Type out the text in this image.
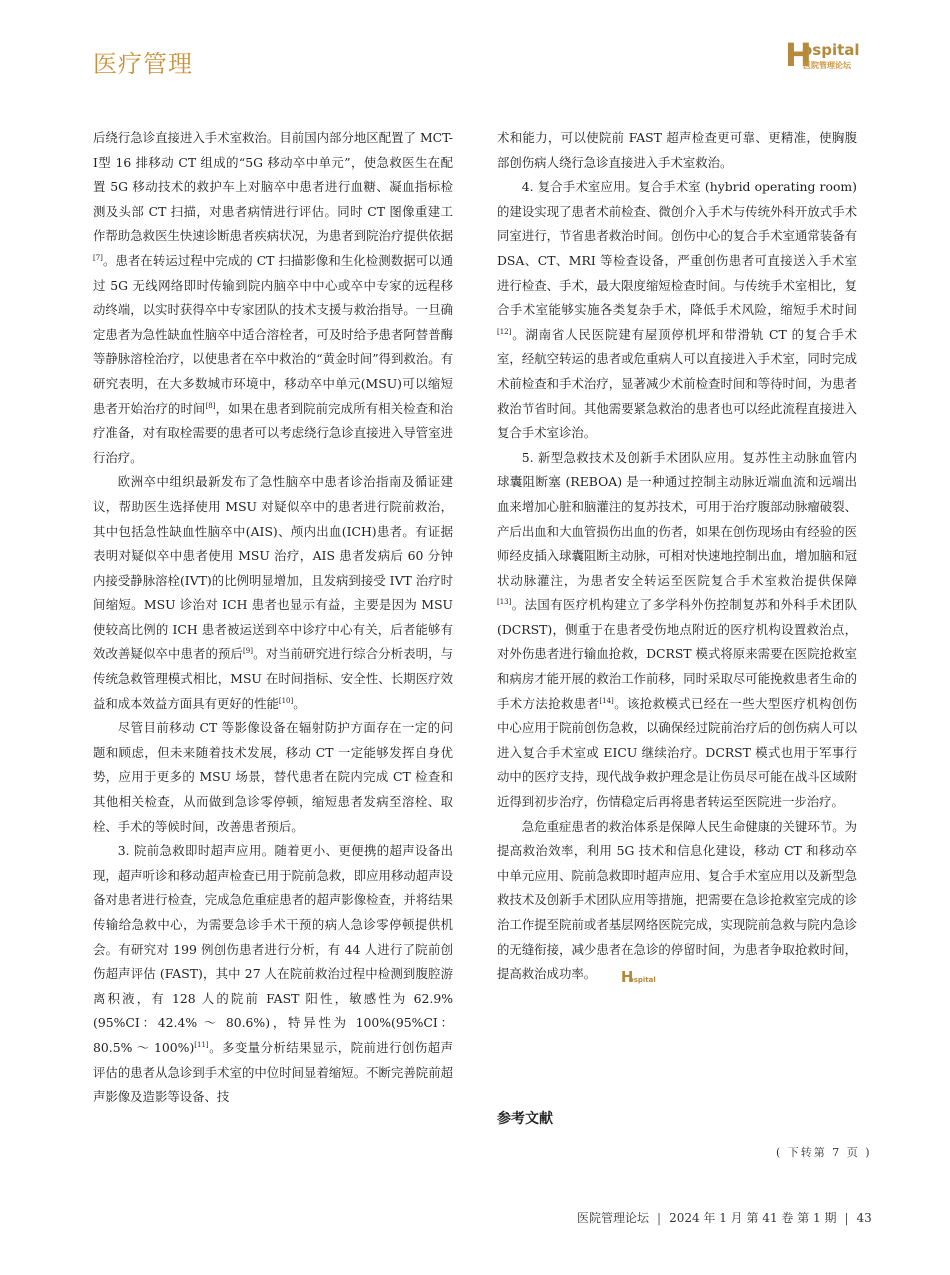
医疗管理	H
ospital
医院管理论坛

后绕行急诊直接进入手术室救治。目前国内部分地区配置了 MCT-Ⅰ型 16 排移动 CT 组成的“5G 移动卒中单元”，使急救医生在配置 5G 移动技术的救护车上对脑卒中患者进行血糖、凝血指标检测及头部 CT 扫描，对患者病情进行评估。同时 CT 图像重建工作帮助急救医生快速诊断患者疾病状况，为患者到院治疗提供依据[7]。患者在转运过程中完成的 CT 扫描影像和生化检测数据可以通过 5G 无线网络即时传输到院内脑卒中中心或卒中专家的远程移动终端，以实时获得卒中专家团队的技术支援与救治指导。一旦确定患者为急性缺血性脑卒中适合溶栓者，可及时给予患者阿替普酶等静脉溶栓治疗，以使患者在卒中救治的“黄金时间”得到救治。有研究表明，在大多数城市环境中，移动卒中单元(MSU)可以缩短患者开始治疗的时间[8]，如果在患者到院前完成所有相关检查和治疗准备，对有取栓需要的患者可以考虑绕行急诊直接进入导管室进行治疗。

欧洲卒中组织最新发布了急性脑卒中患者诊治指南及循证建议，帮助医生选择使用 MSU 对疑似卒中的患者进行院前救治，其中包括急性缺血性脑卒中(AIS)、颅内出血(ICH)患者。有证据表明对疑似卒中患者使用 MSU 治疗，AIS 患者发病后 60 分钟内接受静脉溶栓(IVT)的比例明显增加，且发病到接受 IVT 治疗时间缩短。MSU 诊治对 ICH 患者也显示有益，主要是因为 MSU 使较高比例的 ICH 患者被运送到卒中诊疗中心有关，后者能够有效改善疑似卒中患者的预后[9]。对当前研究进行综合分析表明，与传统急救管理模式相比，MSU 在时间指标、安全性、长期医疗效益和成本效益方面具有更好的性能[10]。

尽管目前移动 CT 等影像设备在辐射防护方面存在一定的问题和顾虑，但未来随着技术发展，移动 CT 一定能够发挥自身优势，应用于更多的 MSU 场景，替代患者在院内完成 CT 检查和其他相关检查，从而做到急诊零停顿，缩短患者发病至溶栓、取栓、手术的等候时间，改善患者预后。

3. 院前急救即时超声应用。随着更小、更便携的超声设备出现，超声听诊和移动超声检查已用于院前急救，即应用移动超声设备对患者进行检查，完成急危重症患者的超声影像检查，并将结果传输给急救中心，为需要急诊手术干预的病人急诊零停顿提供机会。有研究对 199 例创伤患者进行分析，有 44 人进行了院前创伤超声评估 (FAST)，其中 27 人在院前救治过程中检测到腹腔游离积液，有 128 人的院前 FAST 阳性，敏感性为 62.9%(95%CI：42.4% ～ 80.6%)，特异性为 100%(95%CI：80.5% ～ 100%)[11]。多变量分析结果显示，院前进行创伤超声评估的患者从急诊到手术室的中位时间显着缩短。不断完善院前超声影像及造影等设备、技

术和能力，可以使院前 FAST 超声检查更可靠、更精准，使胸腹部创伤病人绕行急诊直接进入手术室救治。

4. 复合手术室应用。复合手术室 (hybrid operating room) 的建设实现了患者术前检查、微创介入手术与传统外科开放式手术同室进行，节省患者救治时间。创伤中心的复合手术室通常装备有 DSA、CT、MRI 等检查设备，严重创伤患者可直接送入手术室进行检查、手术，最大限度缩短检查时间。与传统手术室相比，复合手术室能够实施各类复杂手术，降低手术风险，缩短手术时间[12]。湖南省人民医院建有屋顶停机坪和带滑轨 CT 的复合手术室，经航空转运的患者或危重病人可以直接进入手术室，同时完成术前检查和手术治疗，显著减少术前检查时间和等待时间，为患者救治节省时间。其他需要紧急救治的患者也可以经此流程直接进入复合手术室诊治。

5. 新型急救技术及创新手术团队应用。复苏性主动脉血管内球囊阻断塞 (REBOA) 是一种通过控制主动脉近端血流和远端出血来增加心脏和脑灌注的复苏技术，可用于治疗腹部动脉瘤破裂、产后出血和大血管损伤出血的伤者，如果在创伤现场由有经验的医师经皮插入球囊阻断主动脉，可相对快速地控制出血，增加脑和冠状动脉灌注，为患者安全转运至医院复合手术室救治提供保障[13]。法国有医疗机构建立了多学科外伤控制复苏和外科手术团队 (DCRST)，侧重于在患者受伤地点附近的医疗机构设置救治点，对外伤患者进行输血抢救，DCRST 模式将原来需要在医院抢救室和病房才能开展的救治工作前移，同时采取尽可能挽救患者生命的手术方法抢救患者[14]。该抢救模式已经在一些大型医疗机构创伤中心应用于院前创伤急救，以确保经过院前治疗后的创伤病人可以进入复合手术室或 EICU 继续治疗。DCRST 模式也用于军事行动中的医疗支持，现代战争救护理念是让伤员尽可能在战斗区域附近得到初步治疗，伤情稳定后再将患者转运至医院进一步治疗。

急危重症患者的救治体系是保障人民生命健康的关键环节。为提高救治效率，利用 5G 技术和信息化建设，移动 CT 和移动卒中单元应用、院前急救即时超声应用、复合手术室应用以及新型急救技术及创新手术团队应用等措施，把需要在急诊抢救室完成的诊治工作提至院前或者基层网络医院完成，实现院前急救与院内急诊的无缝衔接，减少患者在急诊的停留时间，为患者争取抢救时间，提高救治成功率。	H
ospital

参考文献
( 下转第 7 页 )
医院管理论坛 | 2024 年 1 月 第 41 卷 第 1 期 | 43
